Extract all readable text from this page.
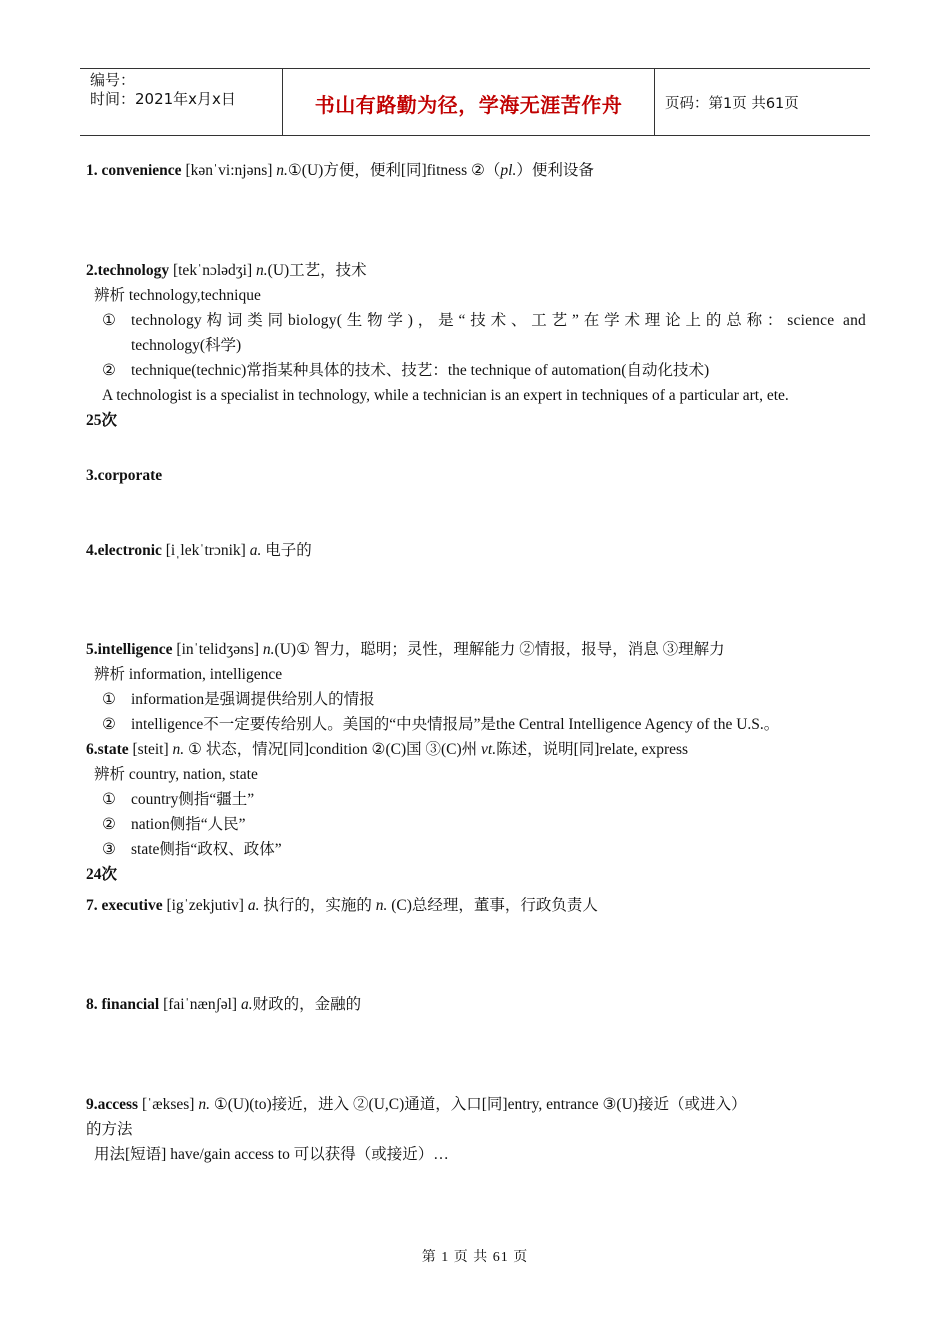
编号：
时间：2021年x月x日	书山有路勤为径，学海无涯苦作舟	页码：第1页 共61页
1. convenience [kənˈvi:njəns] n.①(U)方便，便利[同]fitness ②（pl.）便利设备
2.technology [tekˈnɔlədʒi] n.(U)工艺，技术
辨析 technology,technique
① technology构词类同biology(生物学)，是“技术、工艺”在学术理论上的总称：science and
technology(科学)
② technique(technic)常指某种具体的技术、技艺：the technique of automation(自动化技术)
A technologist is a specialist in technology, while a technician is an expert in techniques of a particular art, ete.
25次
3.corporate
4.electronic [iˌlekˈtrɔnik] a. 电子的
5.intelligence [inˈtelidʒəns] n.(U)① 智力，聪明；灵性，理解能力 ②情报，报导，消息 ③理解力
辨析 information, intelligence
① information是强调提供给别人的情报
② intelligence不一定要传给别人。美国的“中央情报局”是the Central Intelligence Agency of the U.S.。
6.state [steit] n. ① 状态，情况[同]condition ②(C)国 ③(C)州 vt.陈述，说明[同]relate, express
辨析 country, nation, state
① country侧指“疆土”
② nation侧指“人民”
③ state侧指“政权、政体”
24次
7. executive [igˈzekjutiv] a. 执行的，实施的 n. (C)总经理，董事，行政负责人
8. financial [faiˈnænʃəl] a.财政的，金融的
9.access [ˈækses] n. ①(U)(to)接近，进入 ②(U,C)通道，入口[同]entry, entrance ③(U)接近（或进入）
的方法
用法[短语] have/gain access to 可以获得（或接近）…
第 1 页 共 61 页
